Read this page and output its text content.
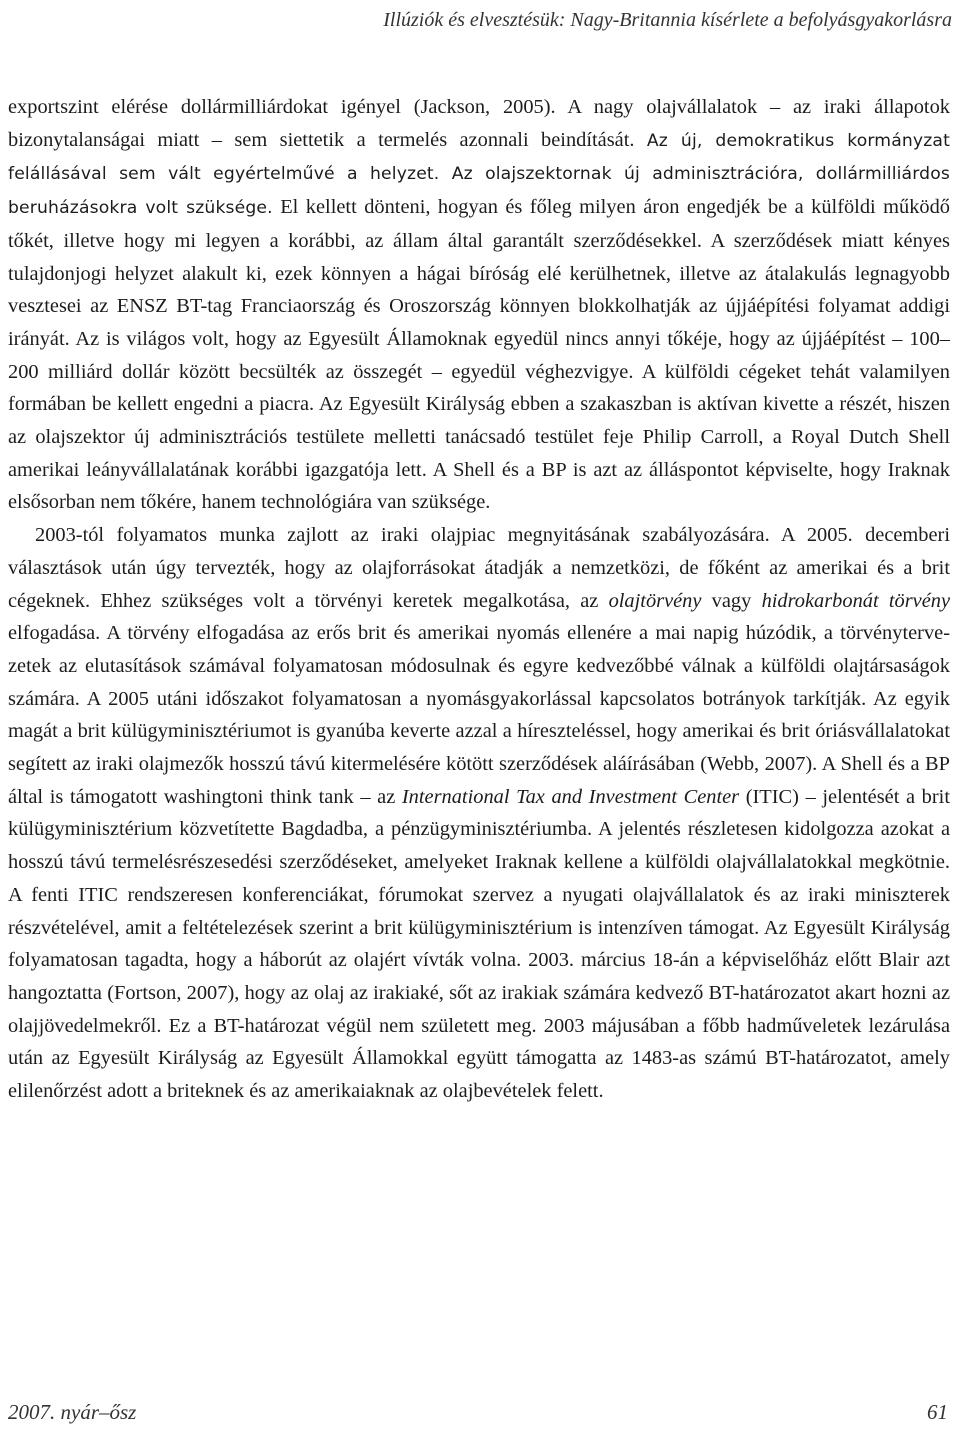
Illúziók és elvesztésük: Nagy-Britannia kísérlete a befolyásgyakorlásra

exportszint elérése dollármilliárdokat igényel (Jackson, 2005). A nagy olajvállalatok – az iraki állapotok bizonytalanságai miatt – sem siettetik a termelés azonnali beindítását. Az új, demokratikus kormányzat felállásával sem vált egyértelművé a helyzet. Az olajszektornak új adminisztrációra, dollármilliárdos beruházásokra volt szüksége. El kellett dönteni, hogyan és főleg milyen áron engedjék be a külföldi működő tőkét, illetve hogy mi legyen a korábbi, az állam által garantált szerződésekkel. A szerződések miatt kényes tulajdonjogi helyzet alakult ki, ezek könnyen a hágai bíróság elé kerülhetnek, illetve az átalakulás legnagyobb vesztesei az ENSZ BT-tag Franciaország és Oroszország könnyen blokkolhatják az újjáépítési folyamat addigi irányát. Az is világos volt, hogy az Egyesült Államoknak egyedül nincs annyi tőkéje, hogy az újjáépítést – 100–200 milliárd dollár között becsülték az összegét – egyedül véghezvigye. A külföldi cégeket tehát valamilyen formában be kellett engedni a piacra. Az Egyesült Királyság ebben a szakaszban is aktívan kivette a részét, hiszen az olajszektor új adminisztrációs testülete melletti tanácsadó testület feje Philip Carroll, a Royal Dutch Shell amerikai leányvállalatának korábbi igazgatója lett. A Shell és a BP is azt az álláspontot képviselte, hogy Iraknak elsősorban nem tőkére, hanem technológiára van szüksége.

2003-tól folyamatos munka zajlott az iraki olajpiac megnyitásának szabályozására. A 2005. decemberi választások után úgy tervezték, hogy az olajforrásokat átadják a nemzetközi, de főként az amerikai és a brit cégeknek. Ehhez szükséges volt a törvényi keretek megalkotása, az olajtörvény vagy hidrokarbonát törvény elfogadása. A törvény elfogadása az erős brit és amerikai nyomás ellenére a mai napig húzódik, a törvénytervezetek az elutasítások számával folyamatosan módosulnak és egyre kedvezőbbé válnak a külföldi olajtársaságok számára. A 2005 utáni időszakot folyamatosan a nyomásgyakorlással kapcsolatos botrányok tarkítják. Az egyik magát a brit külügyminisztériumot is gyanúba keverte azzal a híreszteléssel, hogy amerikai és brit óriásvállalatokat segített az iraki olajmezők hosszú távú kitermelésére kötött szerződések aláírásában (Webb, 2007). A Shell és a BP által is támogatott washingtoni think tank – az International Tax and Investment Center (ITIC) – jelentését a brit külügyminisztérium közvetítette Bagdadba, a pénzügyminisztériumba. A jelentés részletesen kidolgozza azokat a hosszú távú termelésrészesedési szerződéseket, amelyeket Iraknak kellene a külföldi olajvállalatokkal megkötnie. A fenti ITIC rendszeresen konferenciákat, fórumokat szervez a nyugati olajvállalatok és az iraki miniszterek részvételével, amit a feltételezések szerint a brit külügyminisztérium is intenzíven támogat. Az Egyesült Királyság folyamatosan tagadta, hogy a háborút az olajért vívták volna. 2003. március 18-án a képviselőház előtt Blair azt hangoztatta (Fortson, 2007), hogy az olaj az irakiaké, sőt az irakiak számára kedvező BT-határozatot akart hozni az olajjövedelmekről. Ez a BT-határozat végül nem született meg. 2003 májusában a főbb hadműveletek lezárulása után az Egyesült Királyság az Egyesült Államokkal együtt támogatta az 1483-as számú BT-határozatot, amely elilenőrzést adott a briteknek és az amerikaiaknak az olajbevételek felett.

2007. nyár–ősz	61
